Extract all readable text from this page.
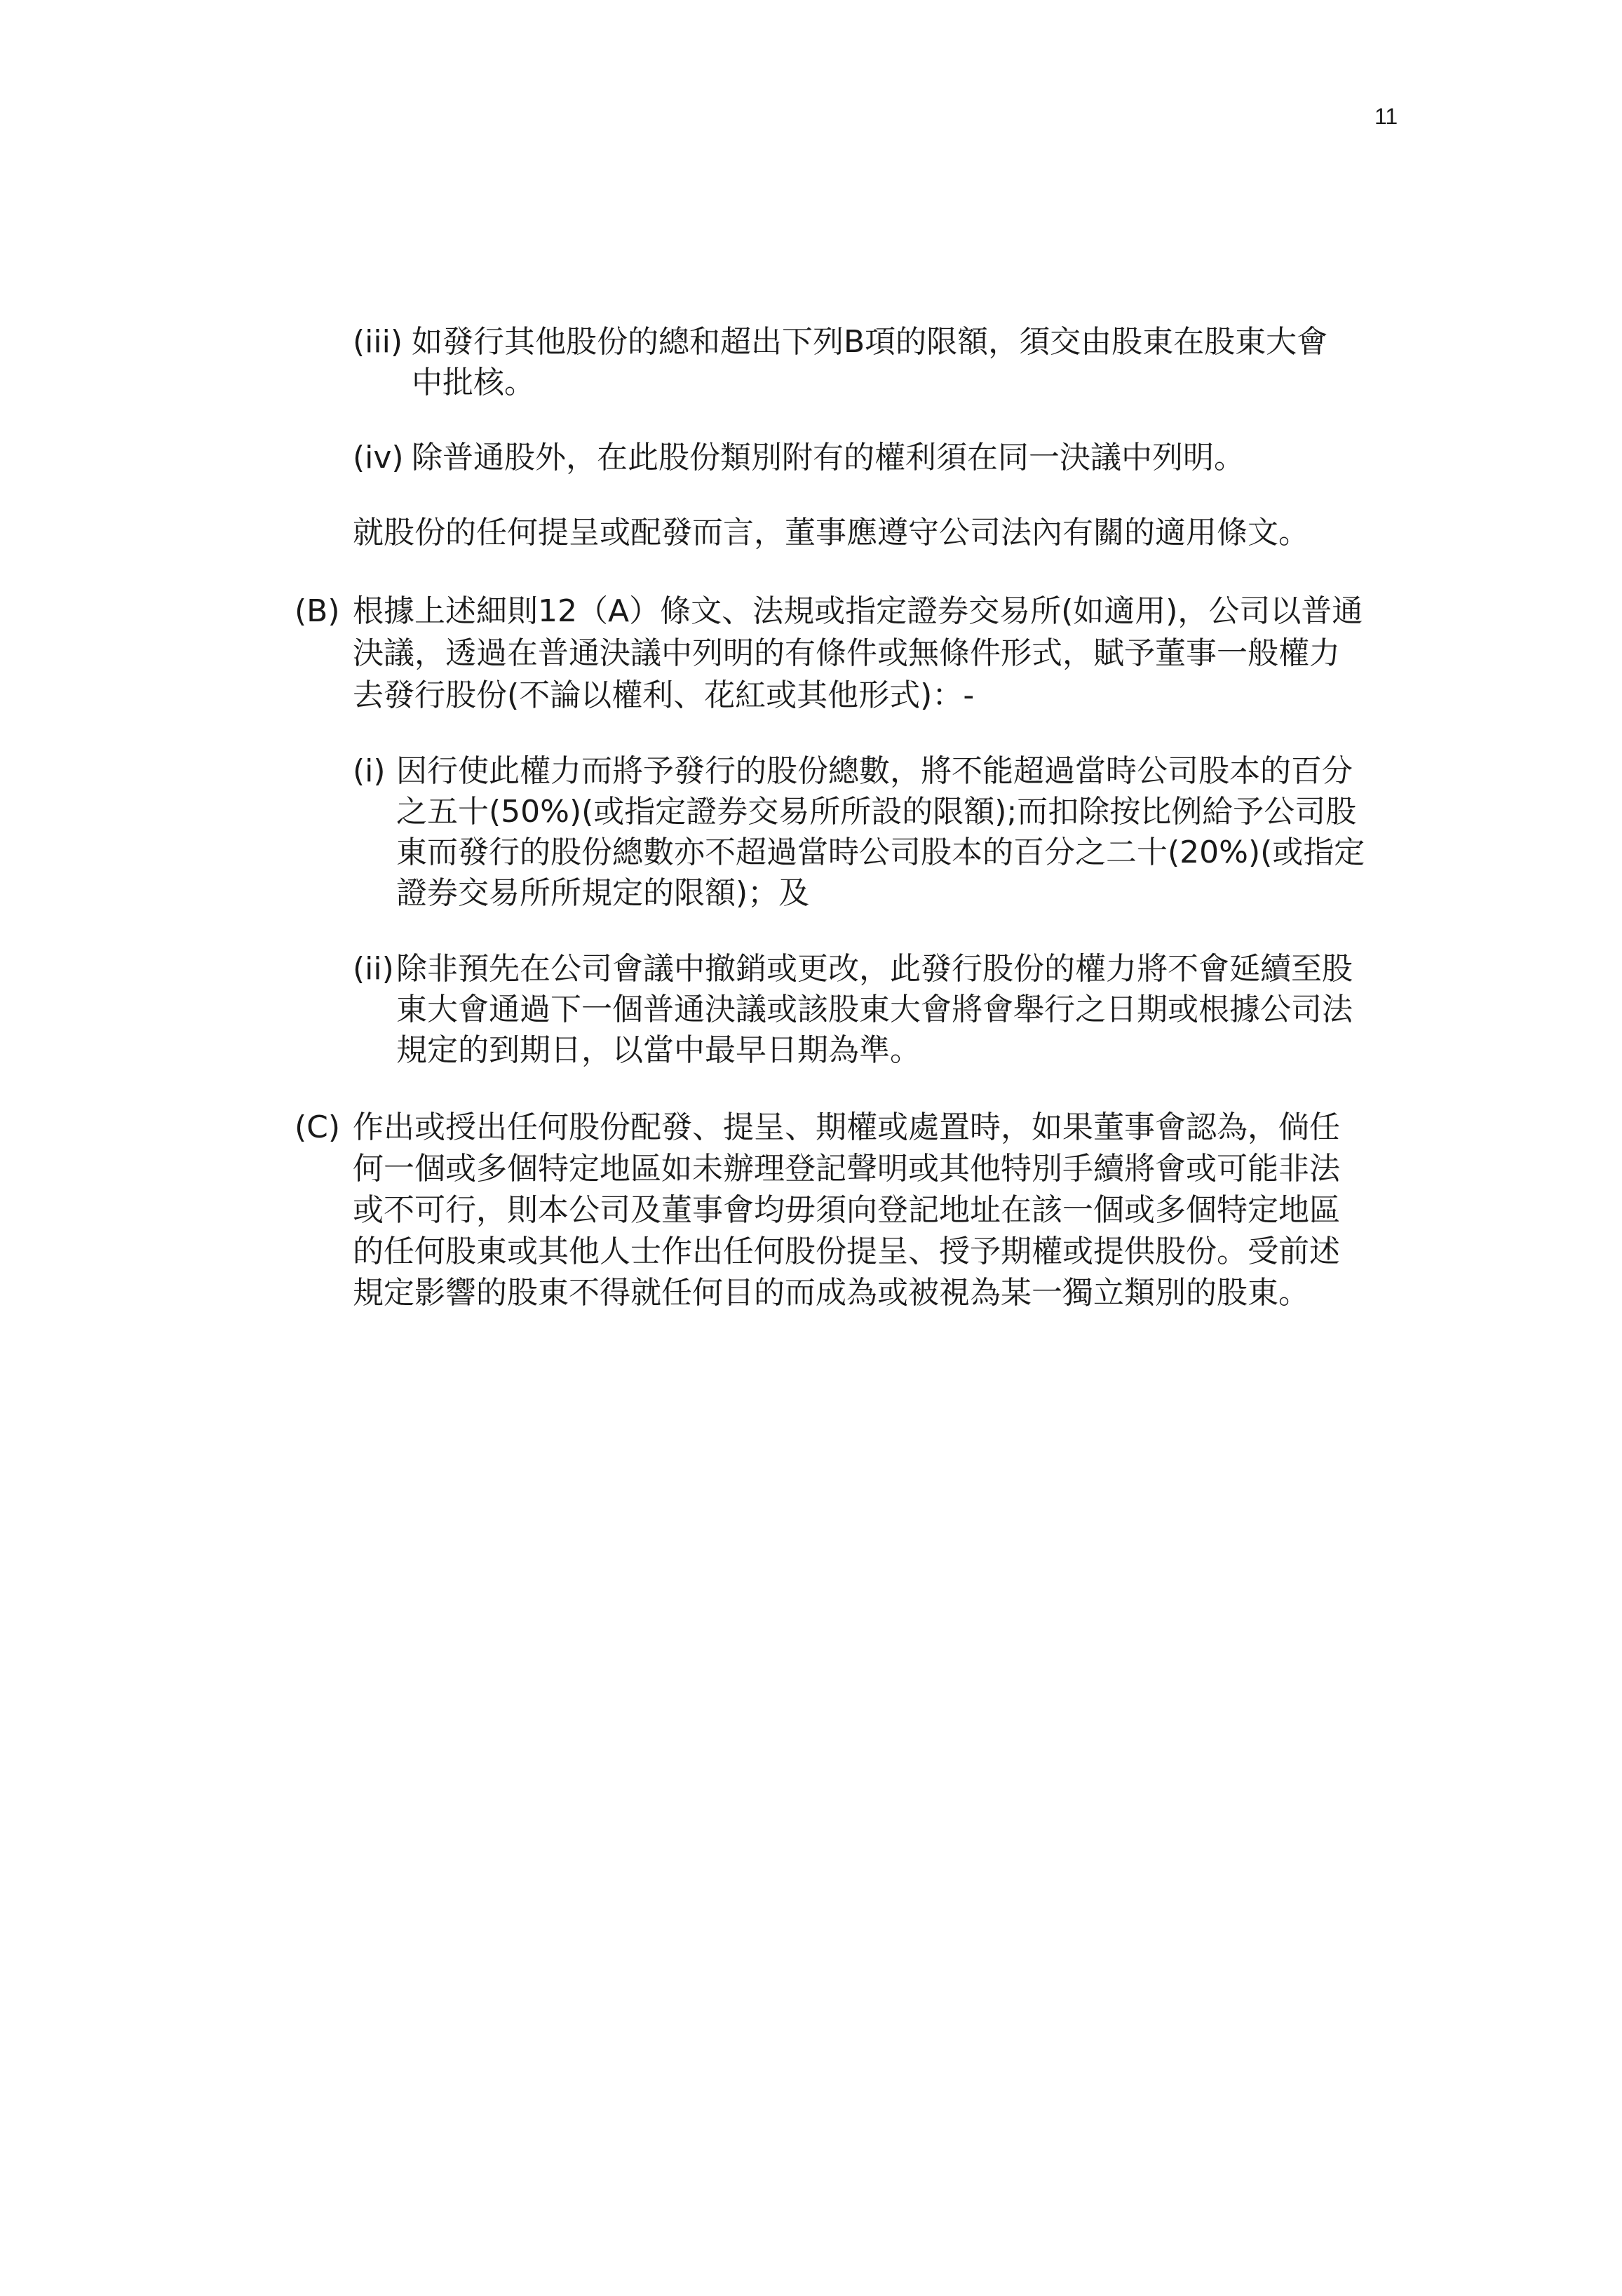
11
(iii) 如發行其他股份的總和超出下列B項的限額，須交由股東在股東大會
中批核。
(iv) 除普通股外，在此股份類別附有的權利須在同一決議中列明。
就股份的任何提呈或配發而言，董事應遵守公司法內有關的適用條文。
(B) 根據上述細則12（A）條文、法規或指定證券交易所(如適用)，公司以普通
決議，透過在普通決議中列明的有條件或無條件形式，賦予董事一般權力
去發行股份(不論以權利、花紅或其他形式)：-
(i) 因行使此權力而將予發行的股份總數，將不能超過當時公司股本的百分
之五十(50%)(或指定證券交易所所設的限額);而扣除按比例給予公司股
東而發行的股份總數亦不超過當時公司股本的百分之二十(20%)(或指定
證券交易所所規定的限額)；及
(ii) 除非預先在公司會議中撤銷或更改，此發行股份的權力將不會延續至股
東大會通過下一個普通決議或該股東大會將會舉行之日期或根據公司法
規定的到期日，以當中最早日期為準。
(C) 作出或授出任何股份配發、提呈、期權或處置時，如果董事會認為，倘任
何一個或多個特定地區如未辦理登記聲明或其他特別手續將會或可能非法
或不可行，則本公司及董事會均毋須向登記地址在該一個或多個特定地區
的任何股東或其他人士作出任何股份提呈、授予期權或提供股份。受前述
規定影響的股東不得就任何目的而成為或被視為某一獨立類別的股東。
